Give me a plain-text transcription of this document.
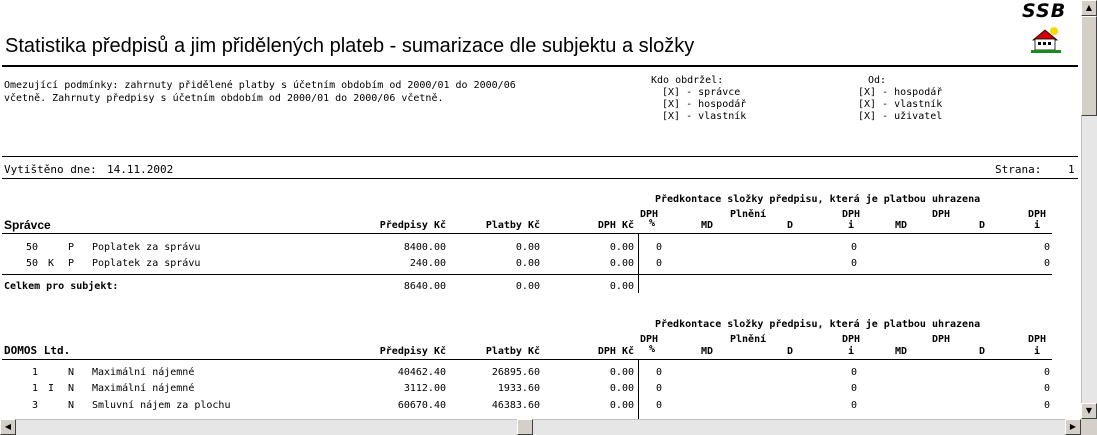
SSB
Statistika předpisů a jim přidělených plateb - sumarizace dle subjektu a složky
Omezující podmínky: zahrnuty přidělené platby s účetním obdobím od 2000/01 do 2000/06
včetně. Zahrnuty předpisy s účetním obdobím od 2000/01 do 2000/06 včetně.
Kdo obdržel:
[X] - správce
[X] - hospodář
[X] - vlastník
Od:
[X] - hospodář
[X] - vlastník
[X] - uživatel
Vytištěno dne: 14.11.2002	Strana: 1
Předkontace složky předpisu, která je platbou uhrazena
DPH
%
Plnění
MD	D
DPH
i
DPH
MD	D
DPH
i
Správce	Předpisy Kč	Platby Kč	DPH Kč
50	P Poplatek za správu	8400.00	0.00	0.00 0	0	0
50 K P Poplatek za správu	240.00	0.00	0.00 0	0	0
Celkem pro subjekt:	8640.00	0.00	0.00
Předkontace složky předpisu, která je platbou uhrazena
DPH
%
Plnění
MD	D
DPH
i
DPH
MD	D
DPH
i
DOMOS Ltd.	Předpisy Kč	Platby Kč	DPH Kč
1	N Maximální nájemné	40462.40	26895.60	0.00 0	0	0
1 I N Maximální nájemné	3112.00	1933.60	0.00 0	0	0
3	N Smluvní nájem za plochu	60670.40	46383.60	0.00 0	0	0
▲
▼
◀	▶
